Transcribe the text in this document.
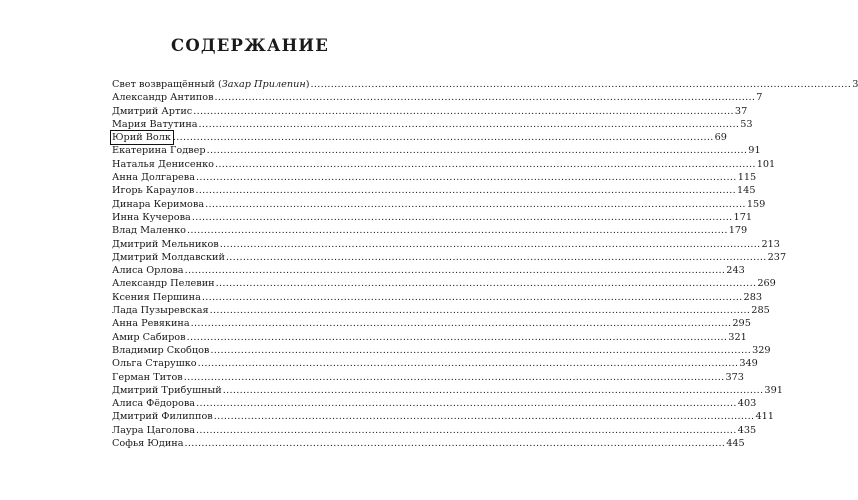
СОДЕРЖАНИЕ
Свет возвращённый (Захар Прилепин) ................................................................................................................................................................ 3
Александр Антипов ................................................................................................................................................................ 7
Дмитрий Артис ................................................................................................................................................................ 37
Мария Ватутина ................................................................................................................................................................ 53
Юрий Волк ................................................................................................................................................................ 69
Екатерина Годвер ................................................................................................................................................................ 91
Наталья Денисенко ................................................................................................................................................................ 101
Анна Долгарева ................................................................................................................................................................ 115
Игорь Караулов ................................................................................................................................................................ 145
Динара Керимова ................................................................................................................................................................ 159
Инна Кучерова ................................................................................................................................................................ 171
Влад Маленко ................................................................................................................................................................ 179
Дмитрий Мельников ................................................................................................................................................................ 213
Дмитрий Молдавский ................................................................................................................................................................ 237
Алиса Орлова ................................................................................................................................................................ 243
Александр Пелевин ................................................................................................................................................................ 269
Ксения Першина ................................................................................................................................................................ 283
Лада Пузыревская ................................................................................................................................................................ 285
Анна Ревякина ................................................................................................................................................................ 295
Амир Сабиров ................................................................................................................................................................ 321
Владимир Скобцов ................................................................................................................................................................ 329
Ольга Старушко ................................................................................................................................................................ 349
Герман Титов ................................................................................................................................................................ 373
Дмитрий Трибушный ................................................................................................................................................................ 391
Алиса Фёдорова ................................................................................................................................................................ 403
Дмитрий Филиппов ................................................................................................................................................................ 411
Лаура Цаголова ................................................................................................................................................................ 435
Софья Юдина ................................................................................................................................................................ 445
